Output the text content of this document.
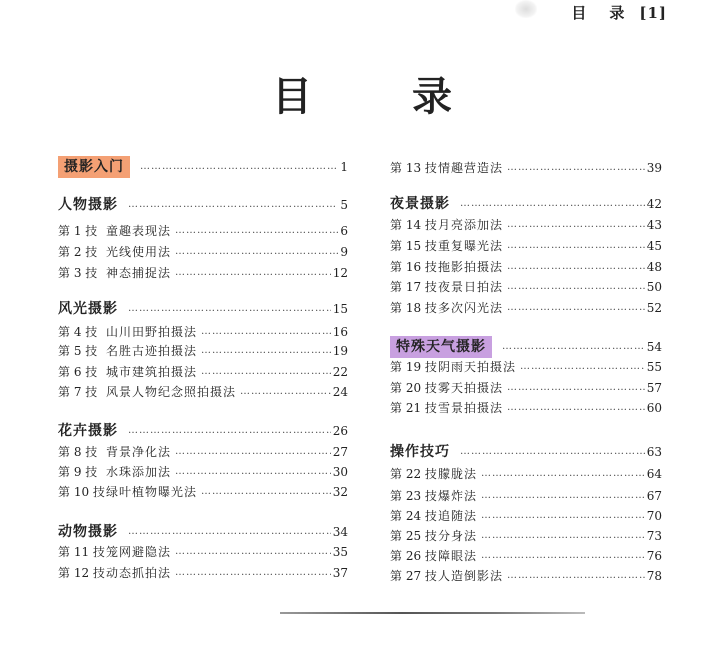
目 录 [1]
目	录
摄影入门 …………………………………………………………………………………………………………………………………………	1
人物摄影 …………………………………………………………………………………………………………………………………………	5
第 1 技 童趣表现法 …………………………………………………………………………………………………………………………………………	6
第 2 技 光线使用法 …………………………………………………………………………………………………………………………………………	9
第 3 技 神态捕捉法 …………………………………………………………………………………………………………………………………………	12
风光摄影 …………………………………………………………………………………………………………………………………………	15
第 4 技 山川田野拍摄法 …………………………………………………………………………………………………………………………………………	16
第 5 技 名胜古迹拍摄法 …………………………………………………………………………………………………………………………………………	19
第 6 技 城市建筑拍摄法 …………………………………………………………………………………………………………………………………………	22
第 7 技 风景人物纪念照拍摄法 …………………………………………………………………………………………………………………………………………	24
花卉摄影 …………………………………………………………………………………………………………………………………………	26
第 8 技 背景净化法 …………………………………………………………………………………………………………………………………………	27
第 9 技 水珠添加法 …………………………………………………………………………………………………………………………………………	30
第 10 技 绿叶植物曝光法 …………………………………………………………………………………………………………………………………………	32
动物摄影 …………………………………………………………………………………………………………………………………………	34
第 11 技 笼网避隐法 …………………………………………………………………………………………………………………………………………	35
第 12 技 动态抓拍法 …………………………………………………………………………………………………………………………………………	37
第 13 技 情趣营造法 …………………………………………………………………………………………………………………………………………	39
夜景摄影 …………………………………………………………………………………………………………………………………………	42
第 14 技 月亮添加法 …………………………………………………………………………………………………………………………………………	43
第 15 技 重复曝光法 …………………………………………………………………………………………………………………………………………	45
第 16 技 拖影拍摄法 …………………………………………………………………………………………………………………………………………	48
第 17 技 夜景日拍法 …………………………………………………………………………………………………………………………………………	50
第 18 技 多次闪光法 …………………………………………………………………………………………………………………………………………	52
特殊天气摄影 …………………………………………………………………………………………………………………………………………	54
第 19 技 阴雨天拍摄法 …………………………………………………………………………………………………………………………………………	55
第 20 技 雾天拍摄法 …………………………………………………………………………………………………………………………………………	57
第 21 技 雪景拍摄法 …………………………………………………………………………………………………………………………………………	60
操作技巧 …………………………………………………………………………………………………………………………………………	63
第 22 技 朦胧法 …………………………………………………………………………………………………………………………………………	64
第 23 技 爆炸法 …………………………………………………………………………………………………………………………………………	67
第 24 技 追随法 …………………………………………………………………………………………………………………………………………	70
第 25 技 分身法 …………………………………………………………………………………………………………………………………………	73
第 26 技 障眼法 …………………………………………………………………………………………………………………………………………	76
第 27 技 人造倒影法 …………………………………………………………………………………………………………………………………………	78
